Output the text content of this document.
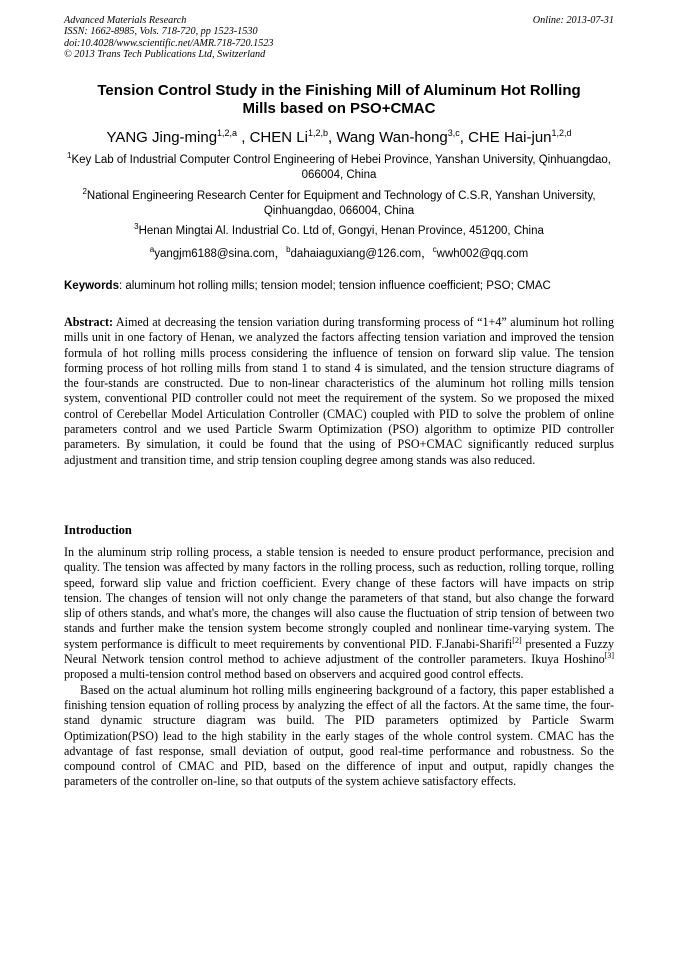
Advanced Materials Research
ISSN: 1662-8985, Vols. 718-720, pp 1523-1530
doi:10.4028/www.scientific.net/AMR.718-720.1523
© 2013 Trans Tech Publications Ltd, Switzerland
Online: 2013-07-31
Tension Control Study in the Finishing Mill of Aluminum Hot Rolling
Mills based on PSO+CMAC
YANG Jing-ming$^{1,2,a}$ , CHEN Li$^{1,2,b}$, Wang Wan-hong$^{3,c}$, CHE Hai-jun$^{1,2,d}$
$^1$Key Lab of Industrial Computer Control Engineering of Hebei Province, Yanshan University, Qinhuangdao, 066004, China
$^2$National Engineering Research Center for Equipment and Technology of C.S.R, Yanshan University, Qinhuangdao, 066004, China
$^3$Henan Mingtai Al. Industrial Co. Ltd of, Gongyi, Henan Province, 451200, China
$^a$yangjm6188@sina.com，$^b$dahaiaguxiang@126.com，$^c$wwh002@qq.com
Keywords: aluminum hot rolling mills; tension model; tension influence coefficient; PSO; CMAC
Abstract: Aimed at decreasing the tension variation during transforming process of “1+4” aluminum hot rolling mills unit in one factory of Henan, we analyzed the factors affecting tension variation and improved the tension formula of hot rolling mills process considering the influence of tension on forward slip value. The tension forming process of hot rolling mills from stand 1 to stand 4 is simulated, and the tension structure diagrams of the four-stands are constructed. Due to non-linear characteristics of the aluminum hot rolling mills tension system, conventional PID controller could not meet the requirement of the system. So we proposed the mixed control of Cerebellar Model Articulation Controller (CMAC) coupled with PID to solve the problem of online parameters control and we used Particle Swarm Optimization (PSO) algorithm to optimize PID controller parameters. By simulation, it could be found that the using of PSO+CMAC significantly reduced surplus adjustment and transition time, and strip tension coupling degree among stands was also reduced.
Introduction
In the aluminum strip rolling process, a stable tension is needed to ensure product performance, precision and quality. The tension was affected by many factors in the rolling process, such as reduction, rolling torque, rolling speed, forward slip value and friction coefficient. Every change of these factors will have impacts on strip tension. The changes of tension will not only change the parameters of that stand, but also change the forward slip of others stands, and what's more, the changes will also cause the fluctuation of strip tension of between two stands and further make the tension system become strongly coupled and nonlinear time-varying system. The system performance is difficult to meet requirements by conventional PID. F.Janabi-Sharifi[2] presented a Fuzzy Neural Network tension control method to achieve adjustment of the controller parameters. Ikuya Hoshino[3] proposed a multi-tension control method based on observers and acquired good control effects.
Based on the actual aluminum hot rolling mills engineering background of a factory, this paper established a finishing tension equation of rolling process by analyzing the effect of all the factors. At the same time, the four-stand dynamic structure diagram was build. The PID parameters optimized by Particle Swarm Optimization(PSO) lead to the high stability in the early stages of the whole control system. CMAC has the advantage of fast response, small deviation of output, good real-time performance and robustness. So the compound control of CMAC and PID, based on the difference of input and output, rapidly changes the parameters of the controller on-line, so that outputs of the system achieve satisfactory effects.
